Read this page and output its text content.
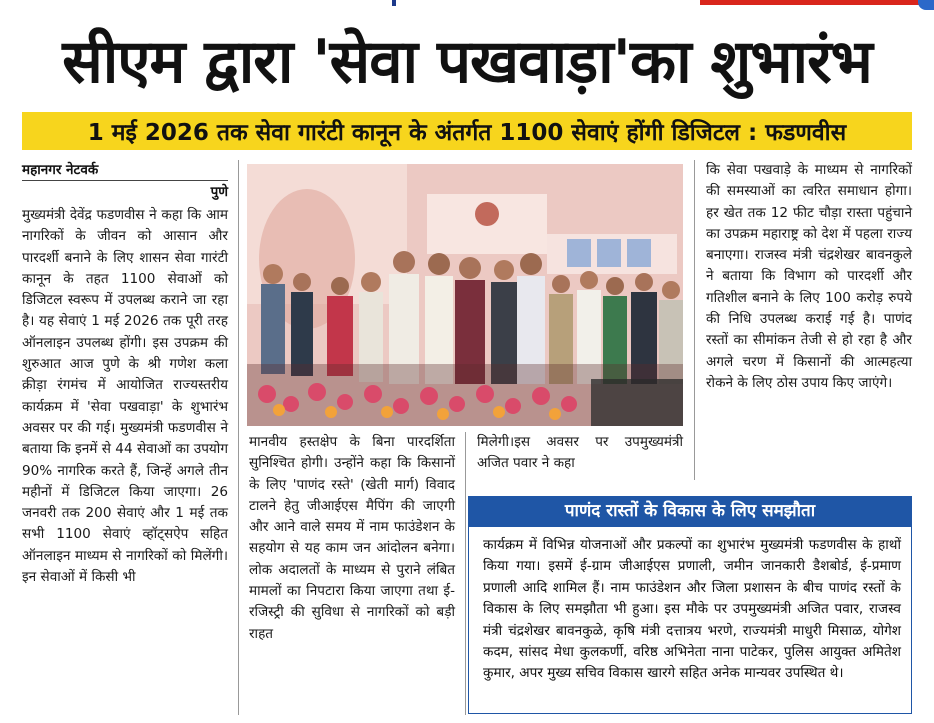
सीएम द्वारा 'सेवा पखवाड़ा'का शुभारंभ
1 मई 2026 तक सेवा गारंटी कानून के अंतर्गत 1100 सेवाएं होंगी डिजिटल : फडणवीस
महानगर नेटवर्क
पुणे

मुख्यमंत्री देवेंद्र फडणवीस ने कहा कि आम नागरिकों के जीवन को आसान और पारदर्शी बनाने के लिए शासन सेवा गारंटी कानून के तहत 1100 सेवाओं को डिजिटल स्वरूप में उपलब्ध कराने जा रहा है। यह सेवाएं 1 मई 2026 तक पूरी तरह ऑनलाइन उपलब्ध होंगी। इस उपक्रम की शुरुआत आज पुणे के श्री गणेश कला क्रीड़ा रंगमंच में आयोजित राज्यस्तरीय कार्यक्रम में 'सेवा पखवाड़ा' के शुभारंभ अवसर पर की गई। मुख्यमंत्री फडणवीस ने बताया कि इनमें से 44 सेवाओं का उपयोग 90% नागरिक करते हैं, जिन्हें अगले तीन महीनों में डिजिटल किया जाएगा। 26 जनवरी तक 200 सेवाएं और 1 मई तक सभी 1100 सेवाएं व्हॉट्सऐप सहित ऑनलाइन माध्यम से नागरिकों को मिलेंगी। इन सेवाओं में किसी भी

मानवीय हस्तक्षेप के बिना पारदर्शिता सुनिश्चित होगी। उन्होंने कहा कि किसानों के लिए 'पाणंद रस्ते' (खेती मार्ग) विवाद टालने हेतु जीआईएस मैपिंग की जाएगी और आने वाले समय में नाम फाउंडेशन के सहयोग से यह काम जन आंदोलन बनेगा। लोक अदालतों के माध्यम से पुराने लंबित मामलों का निपटारा किया जाएगा तथा ई-रजिस्ट्री की सुविधा से नागरिकों को बड़ी राहत

मिलेगी।इस अवसर पर उपमुख्यमंत्री अजित पवार ने कहा

कि सेवा पखवाड़े के माध्यम से नागरिकों की समस्याओं का त्वरित समाधान होगा। हर खेत तक 12 फीट चौड़ा रास्ता पहुंचाने का उपक्रम महाराष्ट्र को देश में पहला राज्य बनाएगा। राजस्व मंत्री चंद्रशेखर बावनकुले ने बताया कि विभाग को पारदर्शी और गतिशील बनाने के लिए 100 करोड़ रुपये की निधि उपलब्ध कराई गई है। पाणंद रस्तों का सीमांकन तेजी से हो रहा है और अगले चरण में किसानों की आत्महत्या रोकने के लिए ठोस उपाय किए जाएंगे।

पाणंद रास्तों के विकास के लिए समझौता

कार्यक्रम में विभिन्न योजनाओं और प्रकल्पों का शुभारंभ मुख्यमंत्री फडणवीस के हाथों किया गया। इसमें ई-ग्राम जीआईएस प्रणाली, जमीन जानकारी डैशबोर्ड, ई-प्रमाण प्रणाली आदि शामिल हैं। नाम फाउंडेशन और जिला प्रशासन के बीच पाणंद रस्तों के विकास के लिए समझौता भी हुआ। इस मौके पर उपमुख्यमंत्री अजित पवार, राजस्व मंत्री चंद्रशेखर बावनकुळे, कृषि मंत्री दत्तात्रय भरणे, राज्यमंत्री माधुरी मिसाळ, योगेश कदम, सांसद मेधा कुलकर्णी, वरिष्ठ अभिनेता नाना पाटेकर, पुलिस आयुक्त अमितेश कुमार, अपर मुख्य सचिव विकास खारगे सहित अनेक मान्यवर उपस्थित थे।
